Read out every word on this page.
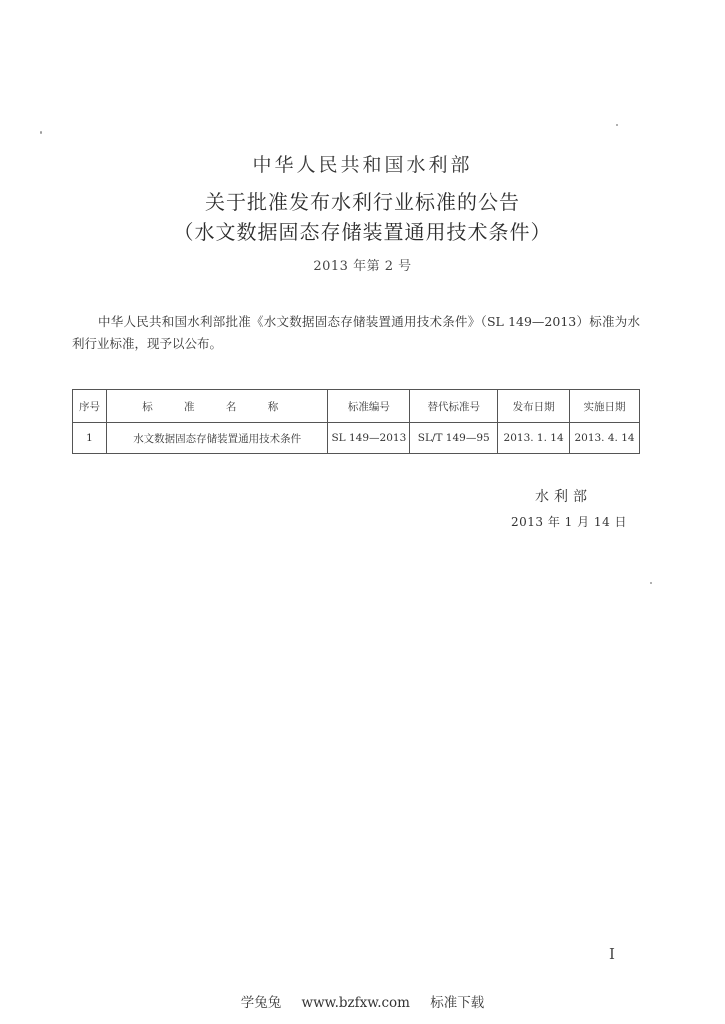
中华人民共和国水利部
关于批准发布水利行业标准的公告
（水文数据固态存储装置通用技术条件）
2013 年第 2 号
中华人民共和国水利部批准《水文数据固态存储装置通用技术条件》（SL 149—2013）标准为水利行业标准，现予以公布。
序号	标 准 名 称	标准编号	替代标准号	发布日期	实施日期
1	水文数据固态存储装置通用技术条件	SL 149—2013	SL/T 149—95	2013. 1. 14	2013. 4. 14
水利部
2013 年 1 月 14 日
I
学兔兔 www.bzfxw.com 标准下载
